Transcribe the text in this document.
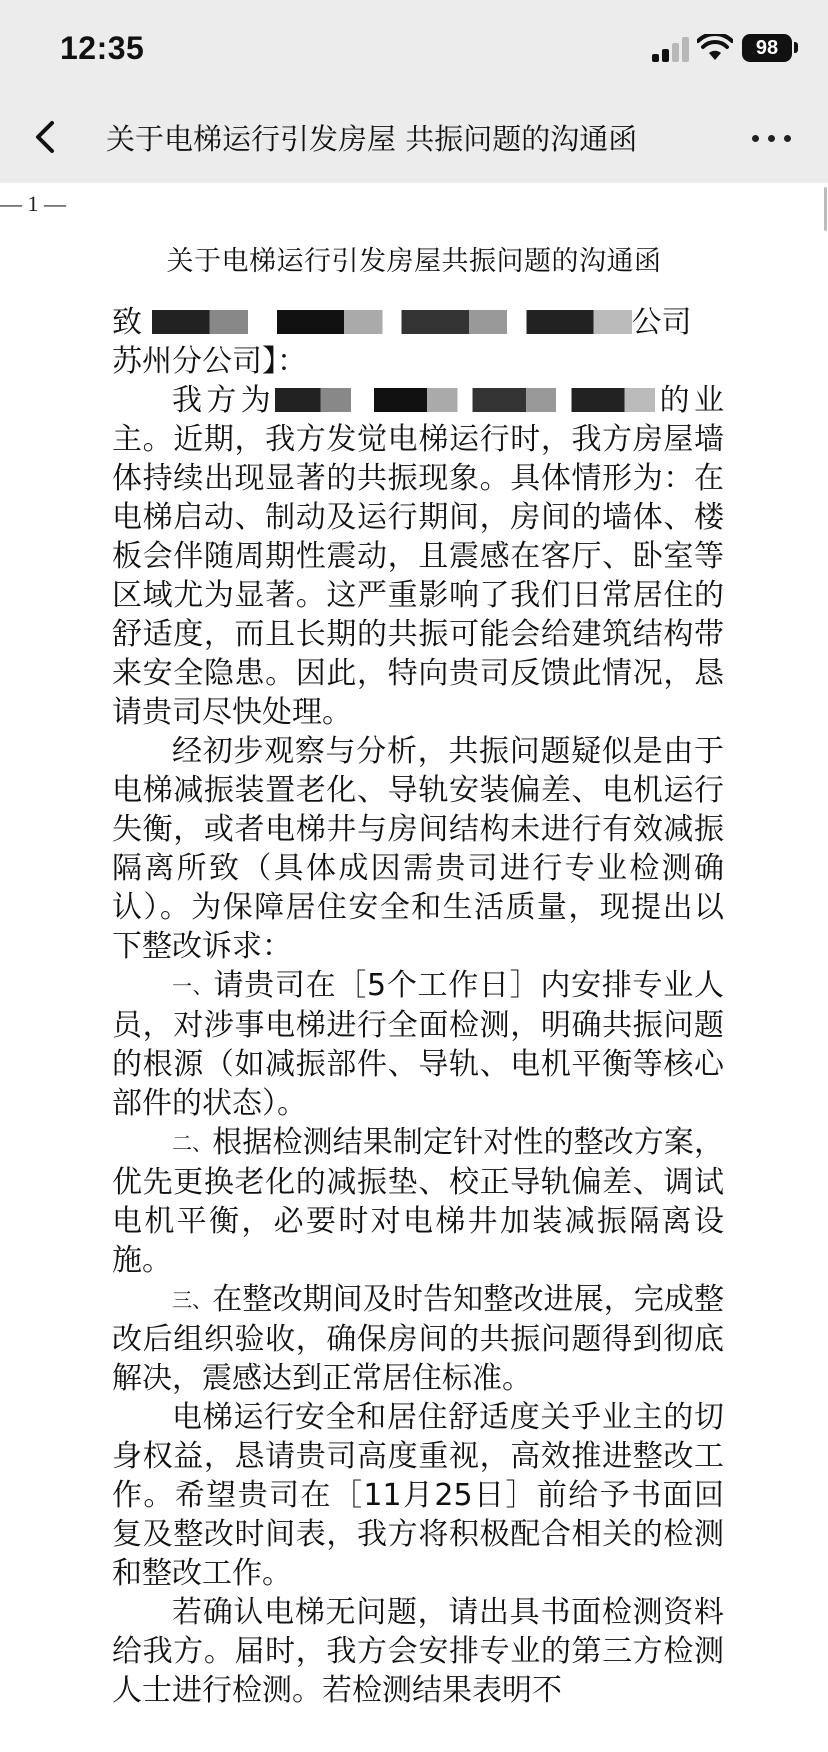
12:35	98
关于电梯运行引发房屋 共振问题的沟通函
— 1 —
关于电梯运行引发房屋共振问题的沟通函

致	公司

苏州分公司】：

我方为	的业主。近期，我方发觉电梯运行时，我方房屋墙体持续出现显著的共振现象。具体情形为：在电梯启动、制动及运行期间，房间的墙体、楼板会伴随周期性震动，且震感在客厅、卧室等区域尤为显著。这严重影响了我们日常居住的舒适度，而且长期的共振可能会给建筑结构带来安全隐患。因此，特向贵司反馈此情况，恳请贵司尽快处理。

经初步观察与分析，共振问题疑似是由于电梯减振装置老化、导轨安装偏差、电机运行失衡，或者电梯井与房间结构未进行有效减振隔离所致（具体成因需贵司进行专业检测确认）。为保障居住安全和生活质量，现提出以下整改诉求：

一、请贵司在［5个工作日］内安排专业人员，对涉事电梯进行全面检测，明确共振问题的根源（如减振部件、导轨、电机平衡等核心部件的状态）。

二、根据检测结果制定针对性的整改方案，优先更换老化的减振垫、校正导轨偏差、调试电机平衡，必要时对电梯井加装减振隔离设施。

三、在整改期间及时告知整改进展，完成整改后组织验收，确保房间的共振问题得到彻底解决，震感达到正常居住标准。

电梯运行安全和居住舒适度关乎业主的切身权益，恳请贵司高度重视，高效推进整改工作。希望贵司在［11月25日］前给予书面回复及整改时间表，我方将积极配合相关的检测和整改工作。

若确认电梯无问题，请出具书面检测资料给我方。届时，我方会安排专业的第三方检测人士进行检测。若检测结果表明不
